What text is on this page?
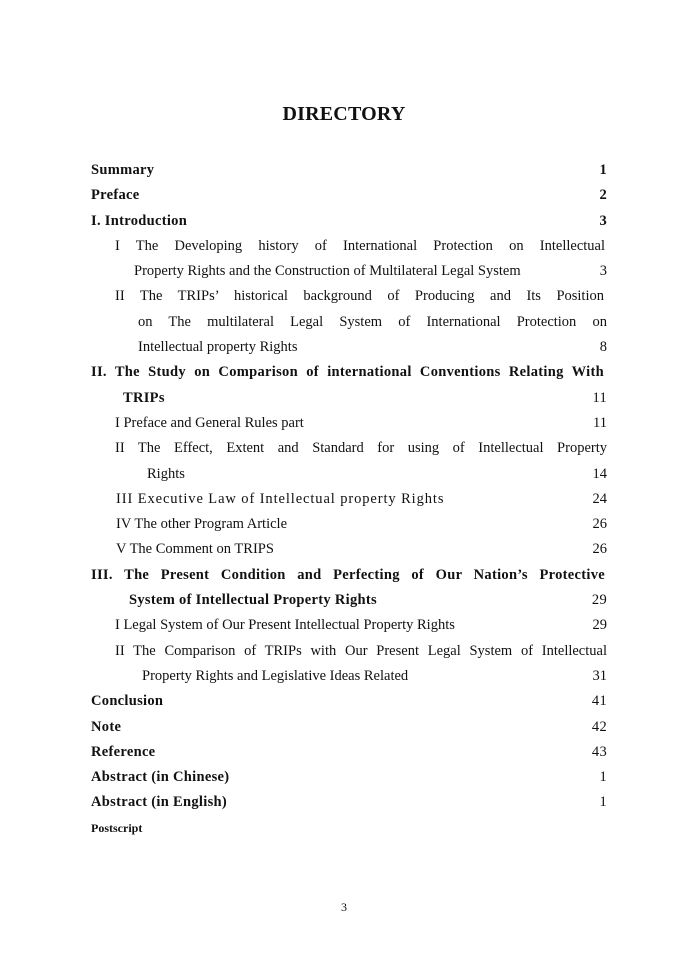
DIRECTORY
Summary	1
Preface	2
I. Introduction	3
I The Developing history of International Protection on Intellectual
Property Rights and the Construction of Multilateral Legal System	3
II The TRIPs’ historical background of Producing and Its Position
on The multilateral Legal System of International Protection on
Intellectual property Rights	8
II. The Study on Comparison of international Conventions Relating With
TRIPs	11
I Preface and General Rules part	11
II The Effect, Extent and Standard for using of Intellectual Property
Rights	14
III Executive Law of Intellectual property Rights	24
IV The other Program Article	26
V The Comment on TRIPS	26
III. The Present Condition and Perfecting of Our Nation’s Protective
System of Intellectual Property Rights	29
I Legal System of Our Present Intellectual Property Rights	29
II The Comparison of TRIPs with Our Present Legal System of Intellectual
Property Rights and Legislative Ideas Related	31
Conclusion	41
Note	42
Reference	43
Abstract (in Chinese)	1
Abstract (in English)	1
Postscript
3
